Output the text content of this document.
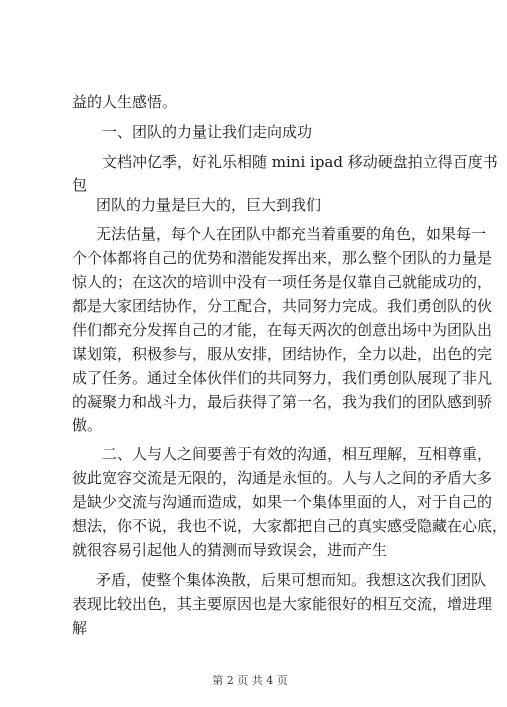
益的人生感悟。
一、团队的力量让我们走向成功
文档冲亿季，好礼乐相随 mini ipad 移动硬盘拍立得百度书
包
团队的力量是巨大的，巨大到我们
无法估量，每个人在团队中都充当着重要的角色，如果每一
个个体都将自己的优势和潜能发挥出来，那么整个团队的力量是
惊人的；在这次的培训中没有一项任务是仅靠自己就能成功的，
都是大家团结协作，分工配合，共同努力完成。我们勇创队的伙
伴们都充分发挥自己的才能，在每天两次的创意出场中为团队出
谋划策，积极参与，服从安排，团结协作，全力以赴，出色的完
成了任务。通过全体伙伴们的共同努力，我们勇创队展现了非凡
的凝聚力和战斗力，最后获得了第一名，我为我们的团队感到骄
傲。
二、人与人之间要善于有效的沟通，相互理解，互相尊重，
彼此宽容交流是无限的，沟通是永恒的。人与人之间的矛盾大多
是缺少交流与沟通而造成，如果一个集体里面的人，对于自己的
想法，你不说，我也不说，大家都把自己的真实感受隐藏在心底，
就很容易引起他人的猜测而导致误会，进而产生
矛盾，使整个集体涣散，后果可想而知。我想这次我们团队
表现比较出色，其主要原因也是大家能很好的相互交流，增进理
解
第 2 页 共 4 页
